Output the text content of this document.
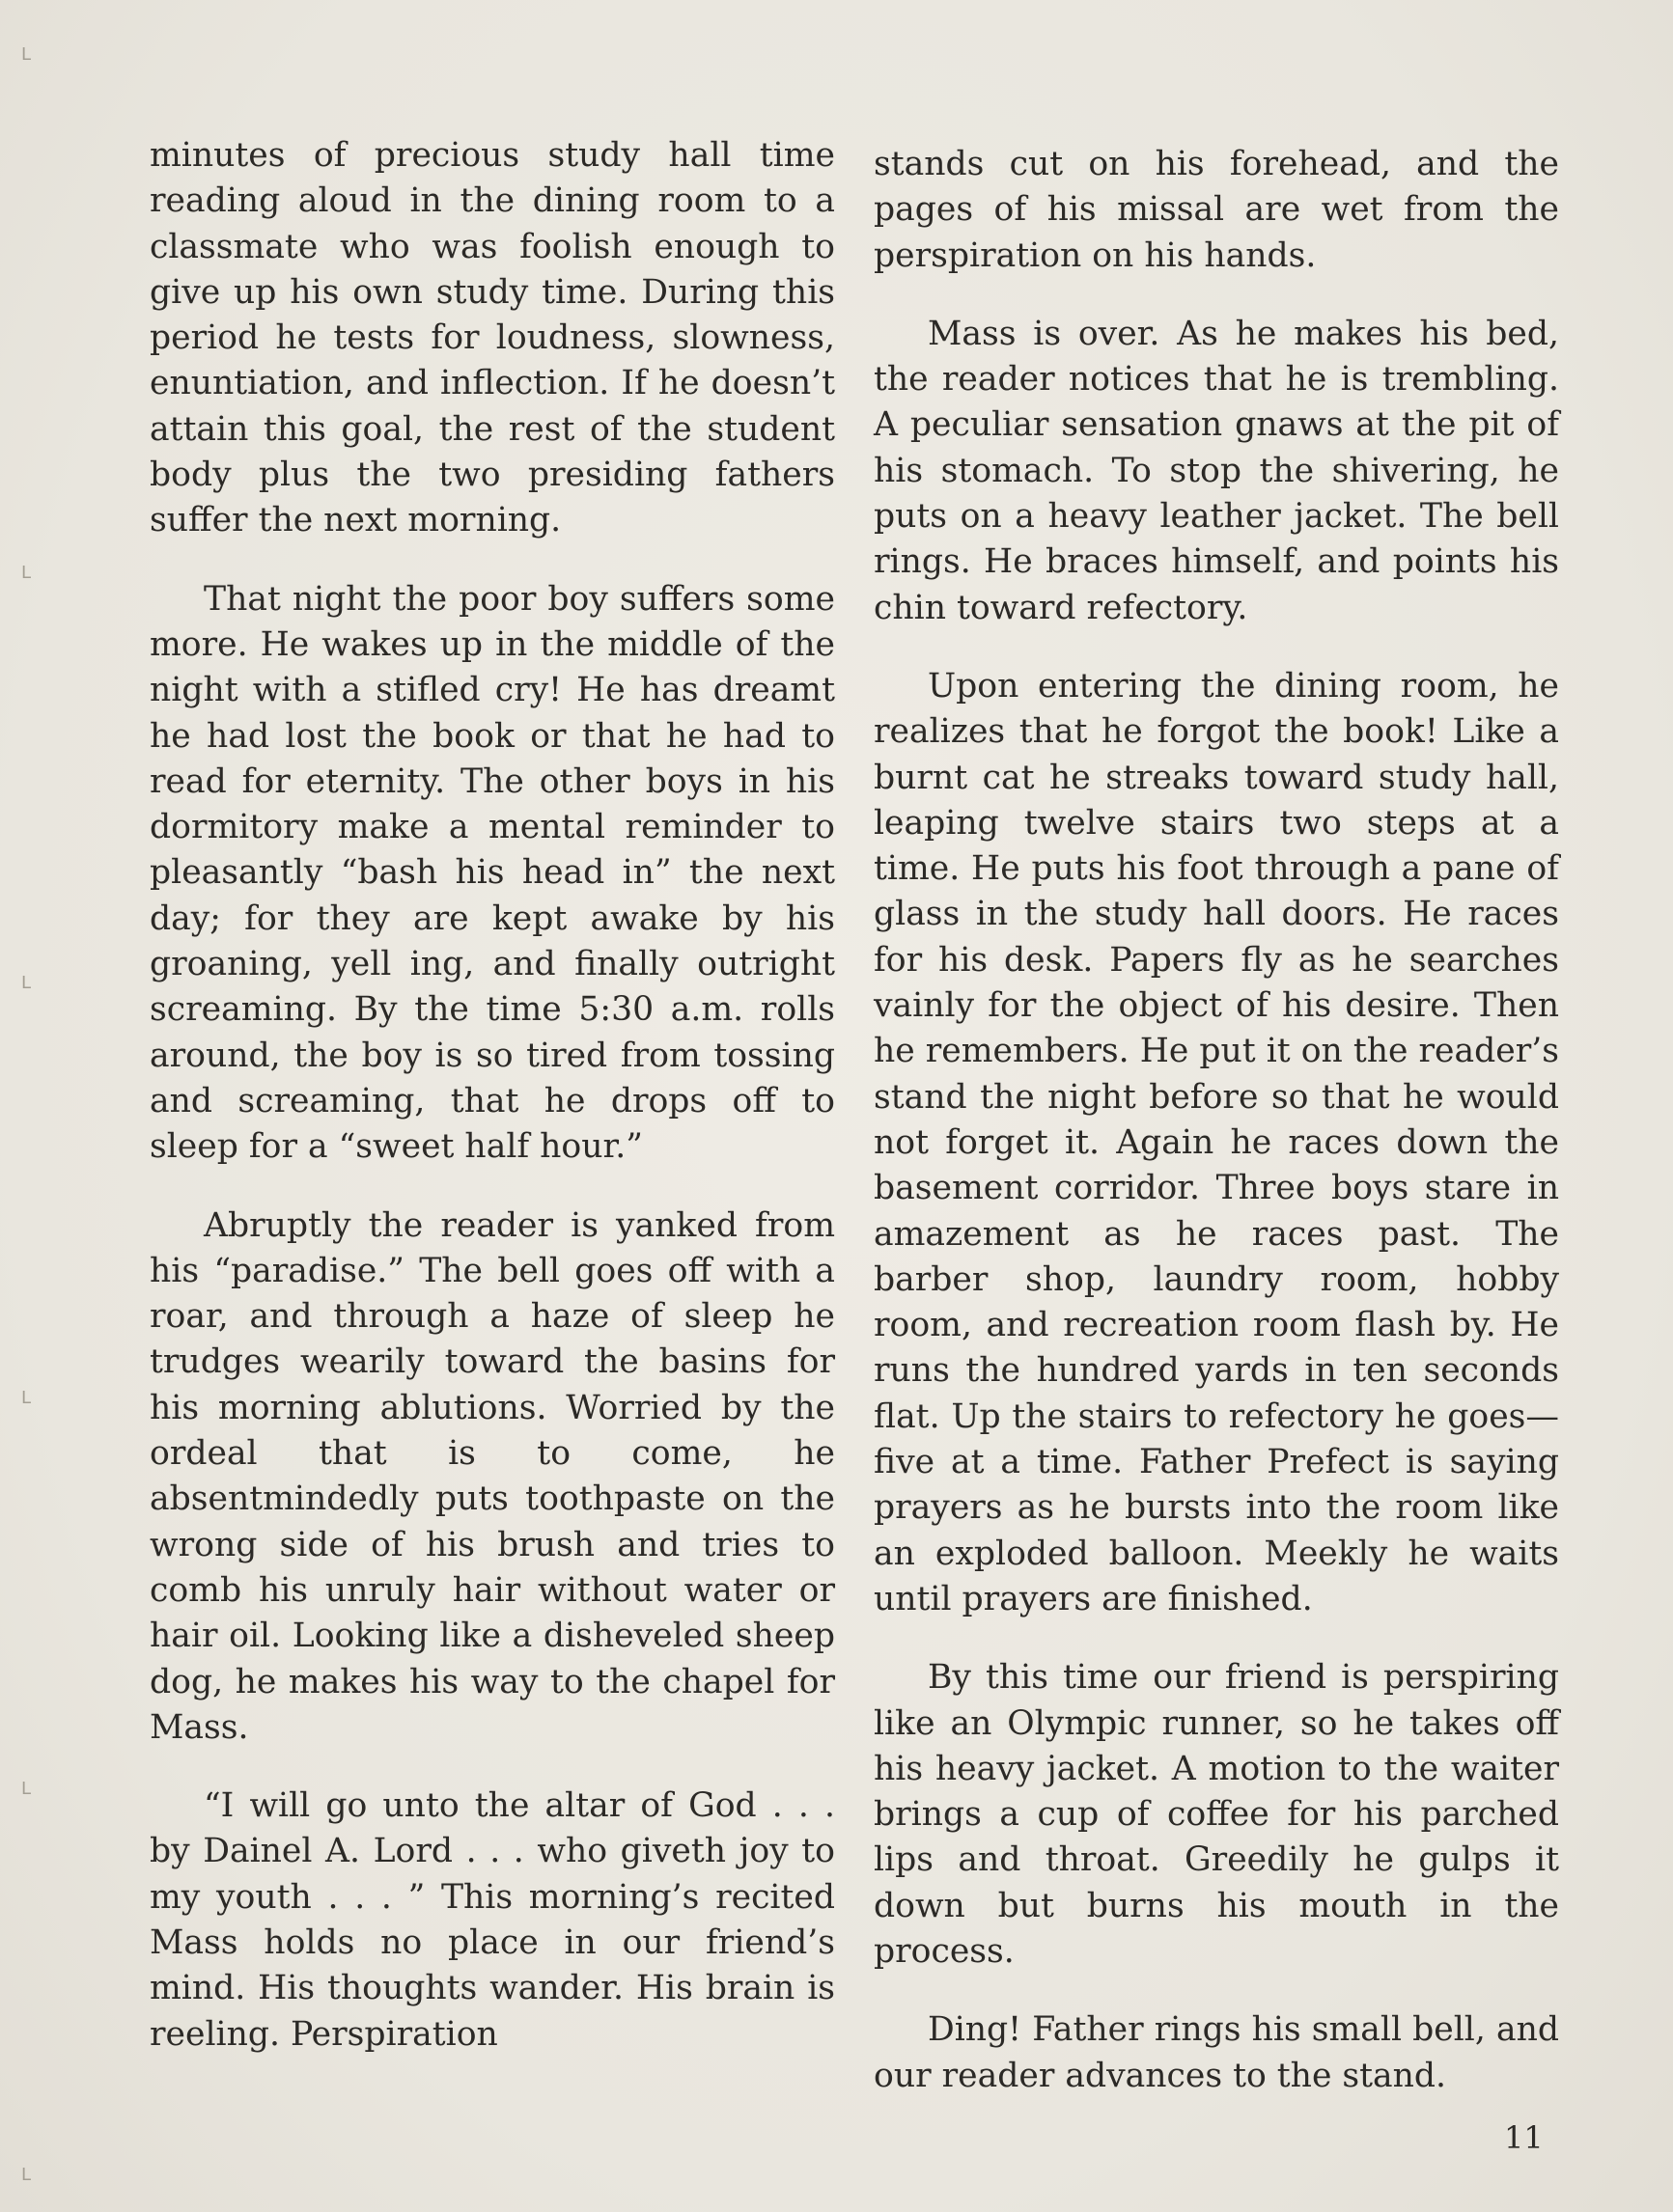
ᒪ
ᒪ
ᒪ
ᒪ
ᒪ
ᒪ

minutes of precious study hall time reading aloud in the dining room to a classmate who was foolish enough to give up his own study time. During this period he tests for loudness, slowness, enuntiation, and inflection. If he doesn’t attain this goal, the rest of the student body plus the two presiding fathers suffer the next morning.

That night the poor boy suffers some more. He wakes up in the middle of the night with a stifled cry! He has dreamt he had lost the book or that he had to read for eternity. The other boys in his dormitory make a mental reminder to pleasantly “bash his head in” the next day; for they are kept awake by his groaning, yell ing, and finally outright screaming. By the time 5:30 a.m. rolls around, the boy is so tired from tossing and screaming, that he drops off to sleep for a “sweet half hour.”

Abruptly the reader is yanked from his “paradise.” The bell goes off with a roar, and through a haze of sleep he trudges wearily toward the basins for his morning ablutions. Worried by the ordeal that is to come, he absentmindedly puts toothpaste on the wrong side of his brush and tries to comb his unruly hair without water or hair oil. Looking like a disheveled sheep dog, he makes his way to the chapel for Mass.

“I will go unto the altar of God . . . by Dainel A. Lord . . . who giveth joy to my youth . . . ” This morning’s recited Mass holds no place in our friend’s mind. His thoughts wander. His brain is reeling. Perspiration

stands cut on his forehead, and the pages of his missal are wet from the perspiration on his hands.

Mass is over. As he makes his bed, the reader notices that he is trembling. A peculiar sensation gnaws at the pit of his stomach. To stop the shivering, he puts on a heavy leather jacket. The bell rings. He braces himself, and points his chin toward refectory.

Upon entering the dining room, he realizes that he forgot the book! Like a burnt cat he streaks toward study hall, leaping twelve stairs two steps at a time. He puts his foot through a pane of glass in the study hall doors. He races for his desk. Papers fly as he searches vainly for the object of his desire. Then he remembers. He put it on the reader’s stand the night before so that he would not forget it. Again he races down the basement corridor. Three boys stare in amazement as he races past. The barber shop, laundry room, hobby room, and recreation room flash by. He runs the hundred yards in ten seconds flat. Up the stairs to refectory he goes—five at a time. Father Prefect is saying prayers as he bursts into the room like an exploded balloon. Meekly he waits until prayers are finished.

By this time our friend is perspiring like an Olympic runner, so he takes off his heavy jacket. A motion to the waiter brings a cup of coffee for his parched lips and throat. Greedily he gulps it down but burns his mouth in the process.

Ding! Father rings his small bell, and our reader advances to the stand.

11
